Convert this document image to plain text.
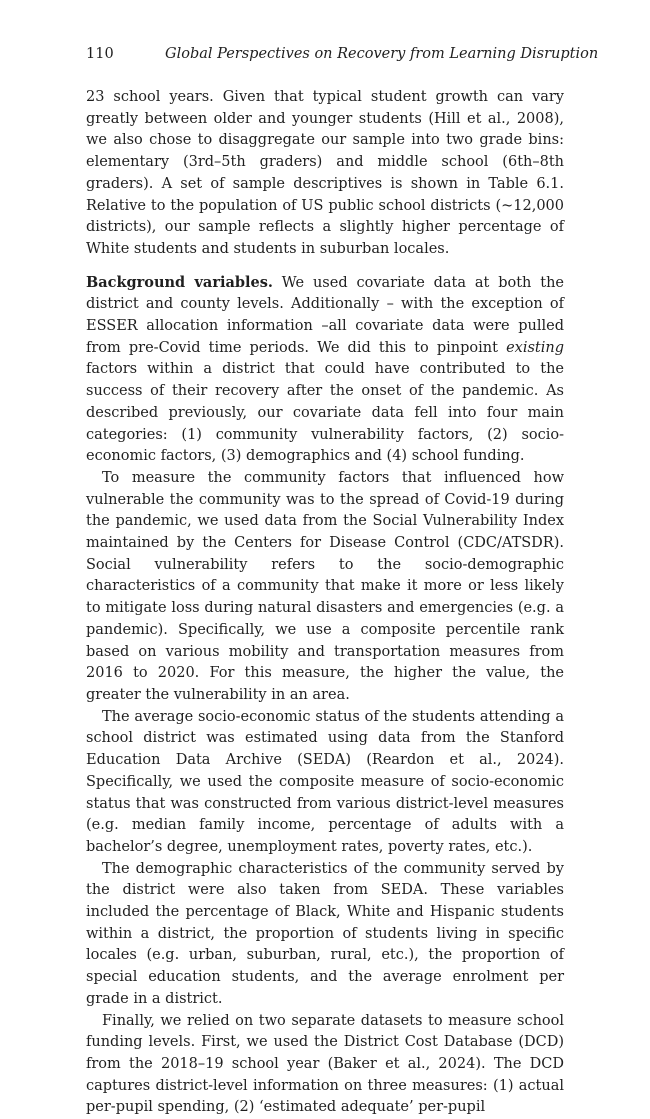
110	Global Perspectives on Recovery from Learning Disruption

23 school years. Given that typical student growth can vary greatly between older and younger students (Hill et al., 2008), we also chose to disaggregate our sample into two grade bins: elementary (3rd–5th graders) and middle school (6th–8th graders). A set of sample descriptives is shown in Table 6.1. Relative to the population of US public school districts (~12,000 districts), our sample reflects a slightly higher percentage of White students and students in suburban locales.

Background variables. We used covariate data at both the district and county levels. Additionally – with the exception of ESSER allocation information –all covariate data were pulled from pre-Covid time periods. We did this to pinpoint existing factors within a district that could have contributed to the success of their recovery after the onset of the pandemic. As described previously, our covariate data fell into four main categories: (1) community vulnerability factors, (2) socio-economic factors, (3) demographics and (4) school funding.

To measure the community factors that influenced how vulnerable the community was to the spread of Covid-19 during the pandemic, we used data from the Social Vulnerability Index maintained by the Centers for Disease Control (CDC/ATSDR). Social vulnerability refers to the socio-demographic characteristics of a community that make it more or less likely to mitigate loss during natural disasters and emergencies (e.g. a pandemic). Specifically, we use a composite percentile rank based on various mobility and transportation measures from 2016 to 2020. For this measure, the higher the value, the greater the vulnerability in an area.

The average socio-economic status of the students attending a school district was estimated using data from the Stanford Education Data Archive (SEDA) (Reardon et al., 2024). Specifically, we used the composite measure of socio-economic status that was constructed from various district-level measures (e.g. median family income, percentage of adults with a bachelor’s degree, unemployment rates, poverty rates, etc.).

The demographic characteristics of the community served by the district were also taken from SEDA. These variables included the percentage of Black, White and Hispanic students within a district, the proportion of students living in specific locales (e.g. urban, suburban, rural, etc.), the proportion of special education students, and the average enrolment per grade in a district.

Finally, we relied on two separate datasets to measure school funding levels. First, we used the District Cost Database (DCD) from the 2018–19 school year (Baker et al., 2024). The DCD captures district-level information on three measures: (1) actual per-pupil spending, (2) ‘estimated adequate’ per-pupil
